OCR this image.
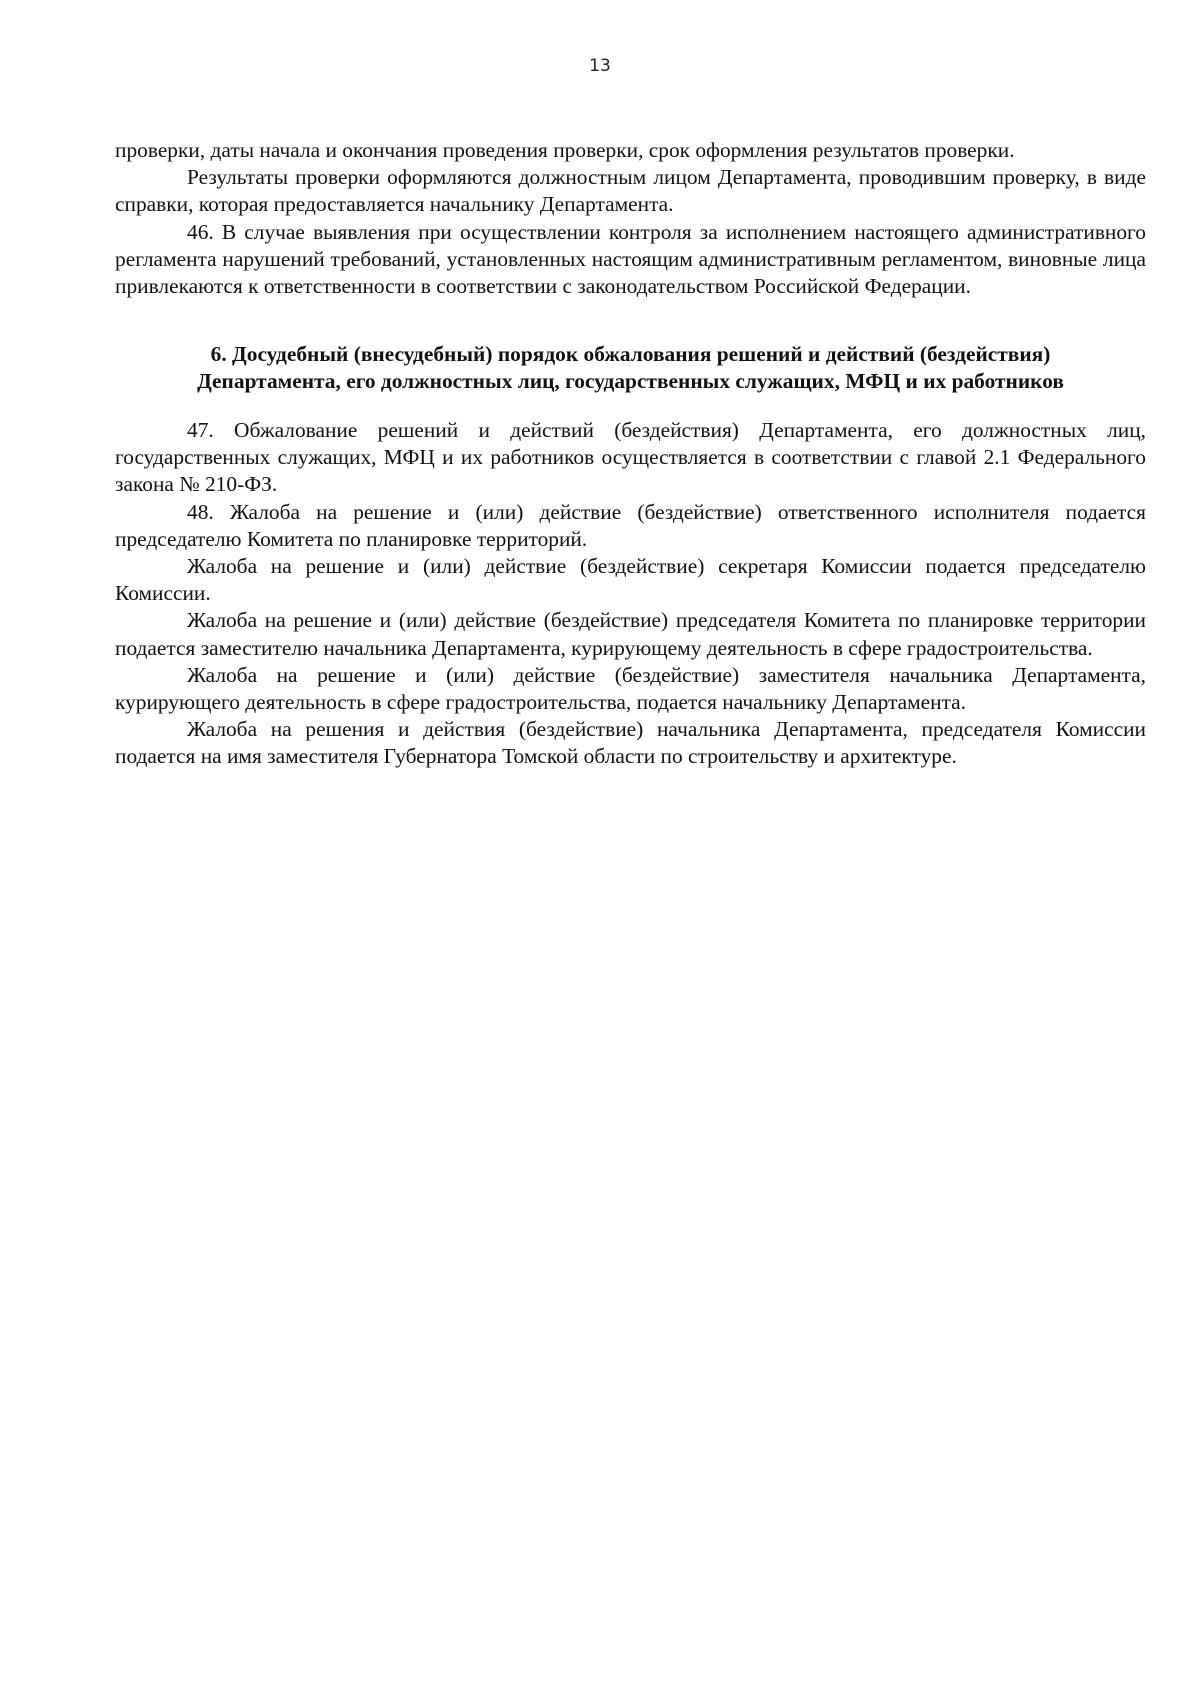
13

проверки, даты начала и окончания проведения проверки, срок оформления результатов проверки.

Результаты проверки оформляются должностным лицом Департамента, проводившим проверку, в виде справки, которая предоставляется начальнику Департамента.

46. В случае выявления при осуществлении контроля за исполнением настоящего административного регламента нарушений требований, установленных настоящим административным регламентом, виновные лица привлекаются к ответственности в соответствии с законодательством Российской Федерации.

6. Досудебный (внесудебный) порядок обжалования решений и действий (бездействия)
Департамента, его должностных лиц, государственных служащих, МФЦ и их работников

47. Обжалование решений и действий (бездействия) Департамента, его должностных лиц, государственных служащих, МФЦ и их работников осуществляется в соответствии с главой 2.1 Федерального закона № 210-ФЗ.

48. Жалоба на решение и (или) действие (бездействие) ответственного исполнителя подается председателю Комитета по планировке территорий.

Жалоба на решение и (или) действие (бездействие) секретаря Комиссии подается председателю Комиссии.

Жалоба на решение и (или) действие (бездействие) председателя Комитета по планировке территории подается заместителю начальника Департамента, курирующему деятельность в сфере градостроительства.

Жалоба на решение и (или) действие (бездействие) заместителя начальника Департамента, курирующего деятельность в сфере градостроительства, подается начальнику Департамента.

Жалоба на решения и действия (бездействие) начальника Департамента, председателя Комиссии подается на имя заместителя Губернатора Томской области по строительству и архитектуре.
